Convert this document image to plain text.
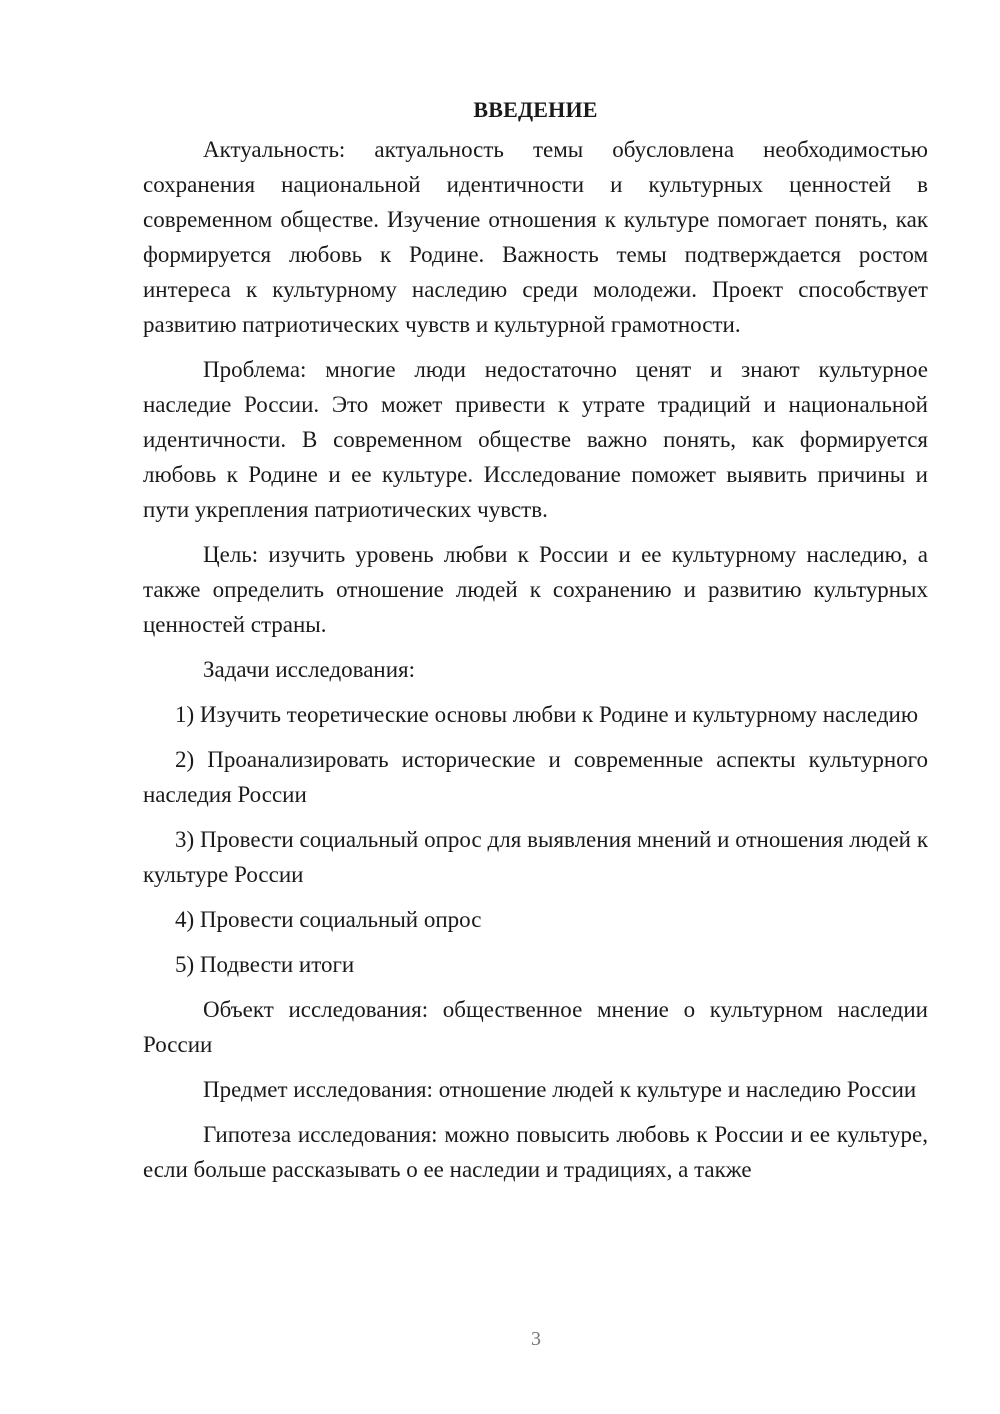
ВВЕДЕНИЕ

Актуальность: актуальность темы обусловлена необходимостью сохранения национальной идентичности и культурных ценностей в современном обществе. Изучение отношения к культуре помогает понять, как формируется любовь к Родине. Важность темы подтверждается ростом интереса к культурному наследию среди молодежи. Проект способствует развитию патриотических чувств и культурной грамотности.

Проблема: многие люди недостаточно ценят и знают культурное наследие России. Это может привести к утрате традиций и национальной идентичности. В современном обществе важно понять, как формируется любовь к Родине и ее культуре. Исследование поможет выявить причины и пути укрепления патриотических чувств.

Цель: изучить уровень любви к России и ее культурному наследию, а также определить отношение людей к сохранению и развитию культурных ценностей страны.

Задачи исследования:

1) Изучить теоретические основы любви к Родине и культурному наследию

2) Проанализировать исторические и современные аспекты культурного наследия России

3) Провести социальный опрос для выявления мнений и отношения людей к культуре России

4) Провести социальный опрос

5) Подвести итоги

Объект исследования: общественное мнение о культурном наследии России

Предмет исследования: отношение людей к культуре и наследию России

Гипотеза исследования: можно повысить любовь к России и ее культуре, если больше рассказывать о ее наследии и традициях, а также

3
